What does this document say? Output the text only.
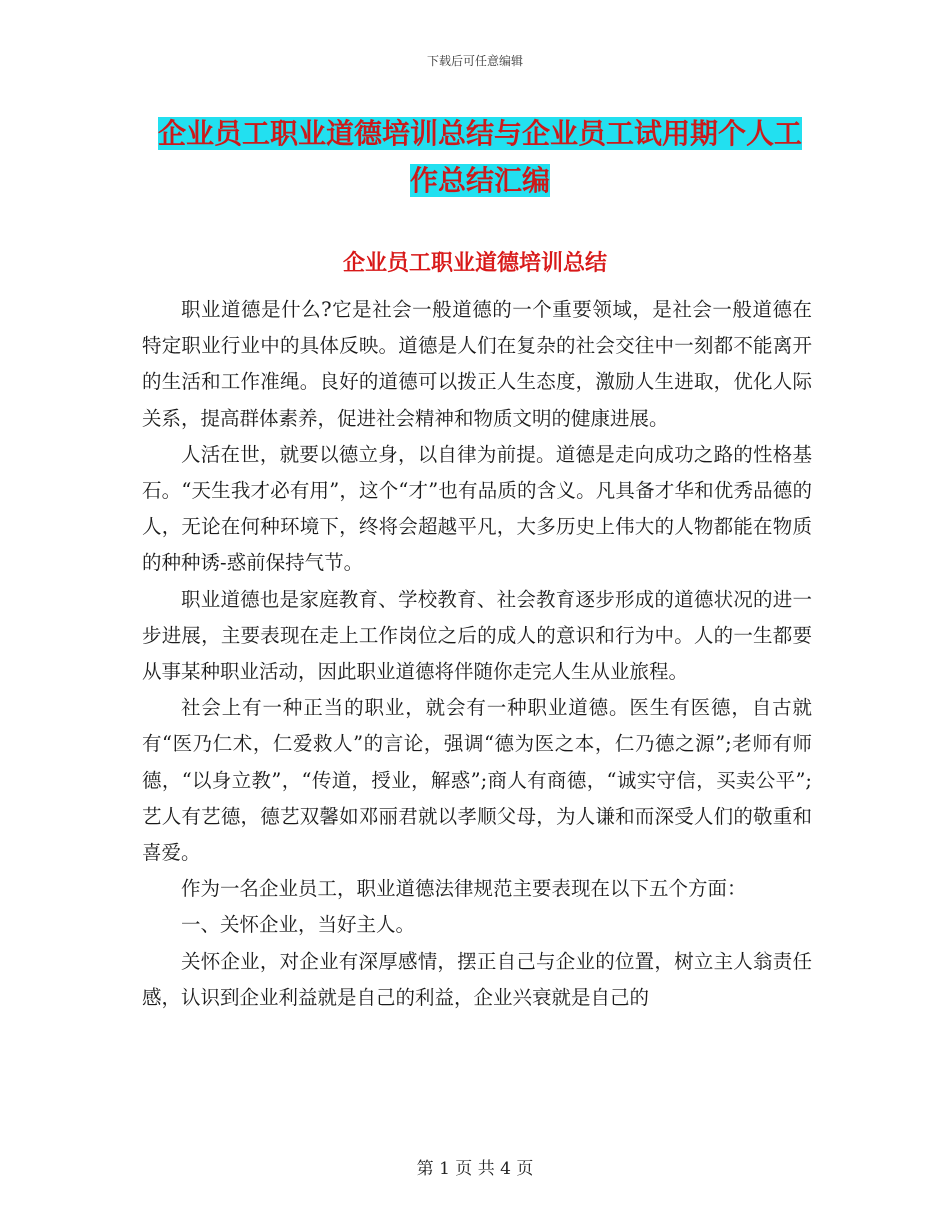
下载后可任意编辑
企业员工职业道德培训总结与企业员工试用期个人工
作总结汇编
企业员工职业道德培训总结

职业道德是什么?它是社会一般道德的一个重要领域，是社会一般道德在特定职业行业中的具体反映。道德是人们在复杂的社会交往中一刻都不能离开的生活和工作准绳。良好的道德可以拨正人生态度，激励人生进取，优化人际关系，提高群体素养，促进社会精神和物质文明的健康进展。

人活在世，就要以德立身，以自律为前提。道德是走向成功之路的性格基石。“天生我才必有用”，这个“才”也有品质的含义。凡具备才华和优秀品德的人，无论在何种环境下，终将会超越平凡，大多历史上伟大的人物都能在物质的种种诱-惑前保持气节。

职业道德也是家庭教育、学校教育、社会教育逐步形成的道德状况的进一步进展，主要表现在走上工作岗位之后的成人的意识和行为中。人的一生都要从事某种职业活动，因此职业道德将伴随你走完人生从业旅程。

社会上有一种正当的职业，就会有一种职业道德。医生有医德，自古就有“医乃仁术，仁爱救人”的言论，强调“德为医之本，仁乃德之源”;老师有师德，“以身立教”，“传道，授业，解惑”;商人有商德，“诚实守信，买卖公平”;艺人有艺德，德艺双馨如邓丽君就以孝顺父母，为人谦和而深受人们的敬重和喜爱。

作为一名企业员工，职业道德法律规范主要表现在以下五个方面：

一、关怀企业，当好主人。

关怀企业，对企业有深厚感情，摆正自己与企业的位置，树立主人翁责任感，认识到企业利益就是自己的利益，企业兴衰就是自己的

第 1 页 共 4 页
